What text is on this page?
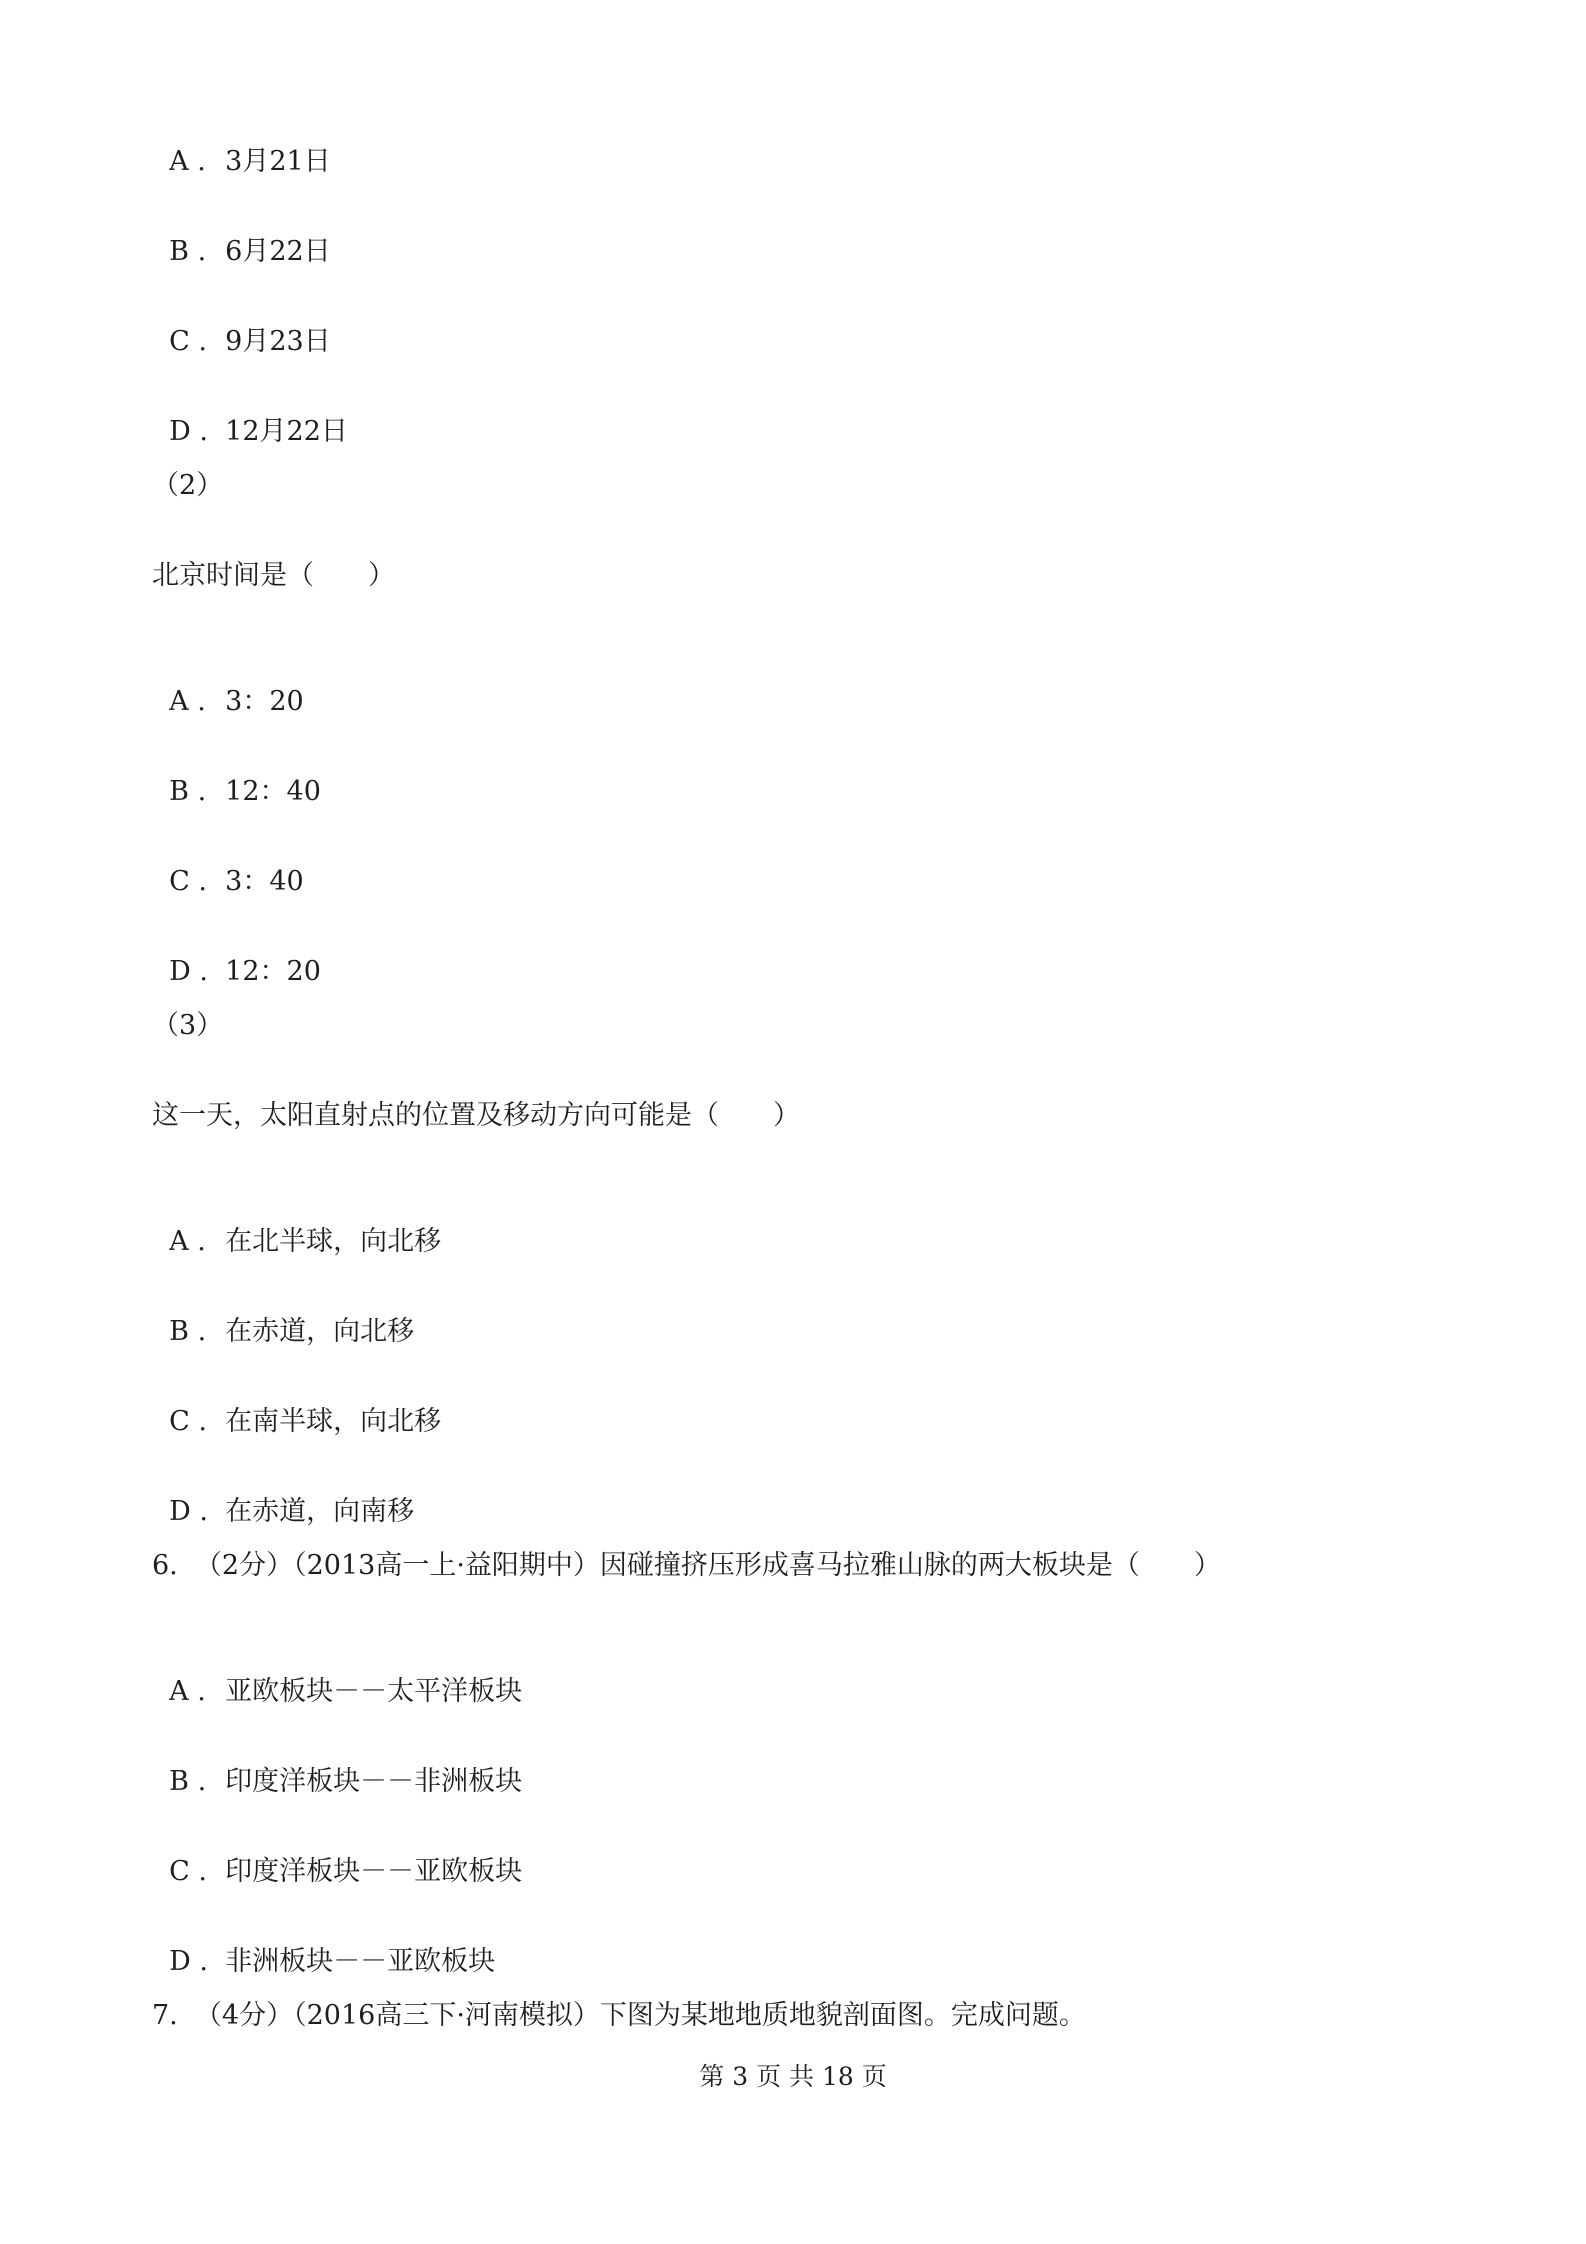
A . 3月21日

B . 6月22日

C . 9月23日

D . 12月22日

（2）
北京时间是（　　）

A . 3：20

B . 12：40

C . 3：40

D . 12：20

（3）
这一天，太阳直射点的位置及移动方向可能是（　　）

A . 在北半球，向北移

B . 在赤道，向北移

C . 在南半球，向北移

D . 在赤道，向南移

6.  （2分）（2013高一上·益阳期中）因碰撞挤压形成喜马拉雅山脉的两大板块是（　　）

A . 亚欧板块－－太平洋板块

B . 印度洋板块－－非洲板块

C . 印度洋板块－－亚欧板块

D . 非洲板块－－亚欧板块

7.  （4分）（2016高三下·河南模拟）下图为某地地质地貌剖面图。完成问题。
第 3 页 共 18 页
